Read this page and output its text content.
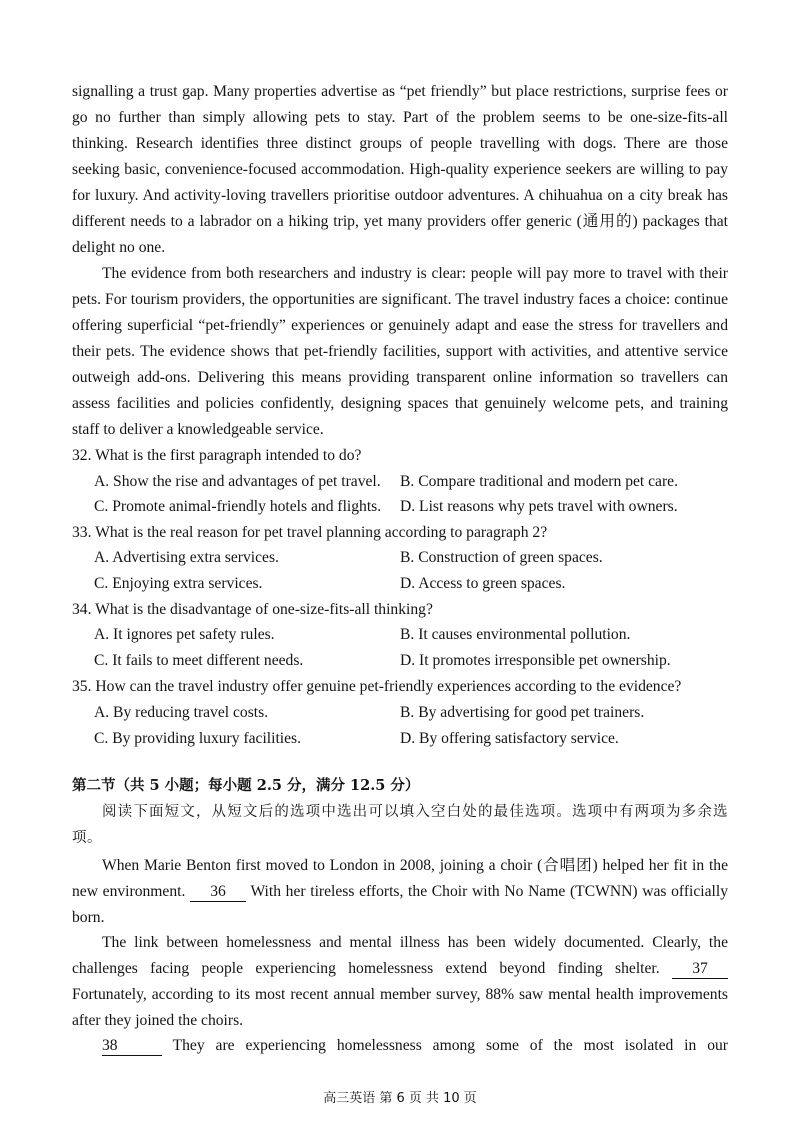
signalling a trust gap. Many properties advertise as “pet friendly” but place restrictions, surprise fees or go no further than simply allowing pets to stay. Part of the problem seems to be one-size-fits-all thinking. Research identifies three distinct groups of people travelling with dogs. There are those seeking basic, convenience-focused accommodation. High-quality experience seekers are willing to pay for luxury. And activity-loving travellers prioritise outdoor adventures. A chihuahua on a city break has different needs to a labrador on a hiking trip, yet many providers offer generic (通用的) packages that delight no one.
The evidence from both researchers and industry is clear: people will pay more to travel with their pets. For tourism providers, the opportunities are significant. The travel industry faces a choice: continue offering superficial “pet-friendly” experiences or genuinely adapt and ease the stress for travellers and their pets. The evidence shows that pet-friendly facilities, support with activities, and attentive service outweigh add-ons. Delivering this means providing transparent online information so travellers can assess facilities and policies confidently, designing spaces that genuinely welcome pets, and training staff to deliver a knowledgeable service.
32. What is the first paragraph intended to do?
A. Show the rise and advantages of pet travel. B. Compare traditional and modern pet care.
C. Promote animal-friendly hotels and flights. D. List reasons why pets travel with owners.
33. What is the real reason for pet travel planning according to paragraph 2?
A. Advertising extra services.	B. Construction of green spaces.
C. Enjoying extra services.	D. Access to green spaces.
34. What is the disadvantage of one-size-fits-all thinking?
A. It ignores pet safety rules.	B. It causes environmental pollution.
C. It fails to meet different needs.	D. It promotes irresponsible pet ownership.
35. How can the travel industry offer genuine pet-friendly experiences according to the evidence?
A. By reducing travel costs.	B. By advertising for good pet trainers.
C. By providing luxury facilities.	D. By offering satisfactory service.
第二节（共 5 小题；每小题 2.5 分，满分 12.5 分）
阅读下面短文，从短文后的选项中选出可以填入空白处的最佳选项。选项中有两项为多余选项。
When Marie Benton first moved to London in 2008, joining a choir (合唱团) helped her fit in the new environment. 36 With her tireless efforts, the Choir with No Name (TCWNN) was officially born.
The link between homelessness and mental illness has been widely documented. Clearly, the challenges facing people experiencing homelessness extend beyond finding shelter. 37 Fortunately, according to its most recent annual member survey, 88% saw mental health improvements after they joined the choirs.
38	They are experiencing homelessness among some of the most isolated in our
高三英语 第 6 页 共 10 页
